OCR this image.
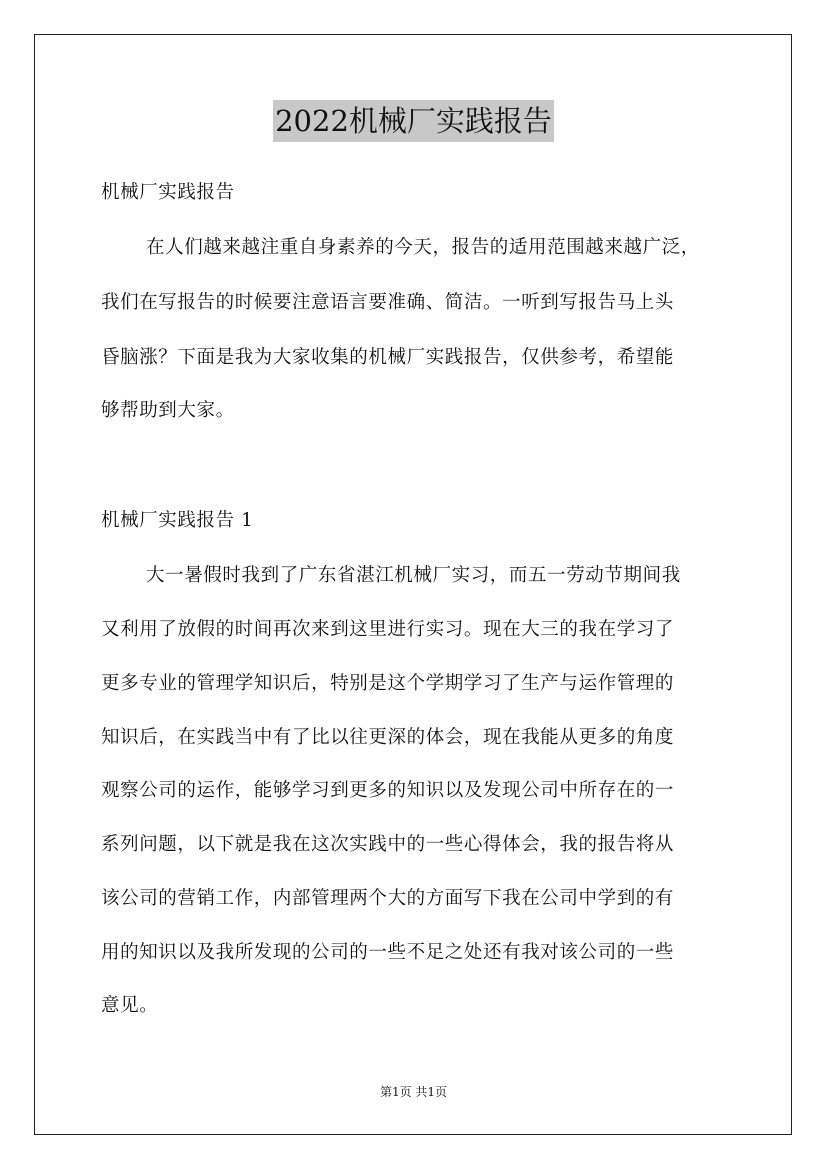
2022机械厂实践报告
机械厂实践报告
在人们越来越注重自身素养的今天，报告的适用范围越来越广泛，
我们在写报告的时候要注意语言要准确、简洁。一听到写报告马上头
昏脑涨？下面是我为大家收集的机械厂实践报告，仅供参考，希望能
够帮助到大家。
机械厂实践报告 1
大一暑假时我到了广东省湛江机械厂实习，而五一劳动节期间我
又利用了放假的时间再次来到这里进行实习。现在大三的我在学习了
更多专业的管理学知识后，特别是这个学期学习了生产与运作管理的
知识后，在实践当中有了比以往更深的体会，现在我能从更多的角度
观察公司的运作，能够学习到更多的知识以及发现公司中所存在的一
系列问题，以下就是我在这次实践中的一些心得体会，我的报告将从
该公司的营销工作，内部管理两个大的方面写下我在公司中学到的有
用的知识以及我所发现的公司的一些不足之处还有我对该公司的一些
意见。
第1页 共1页
